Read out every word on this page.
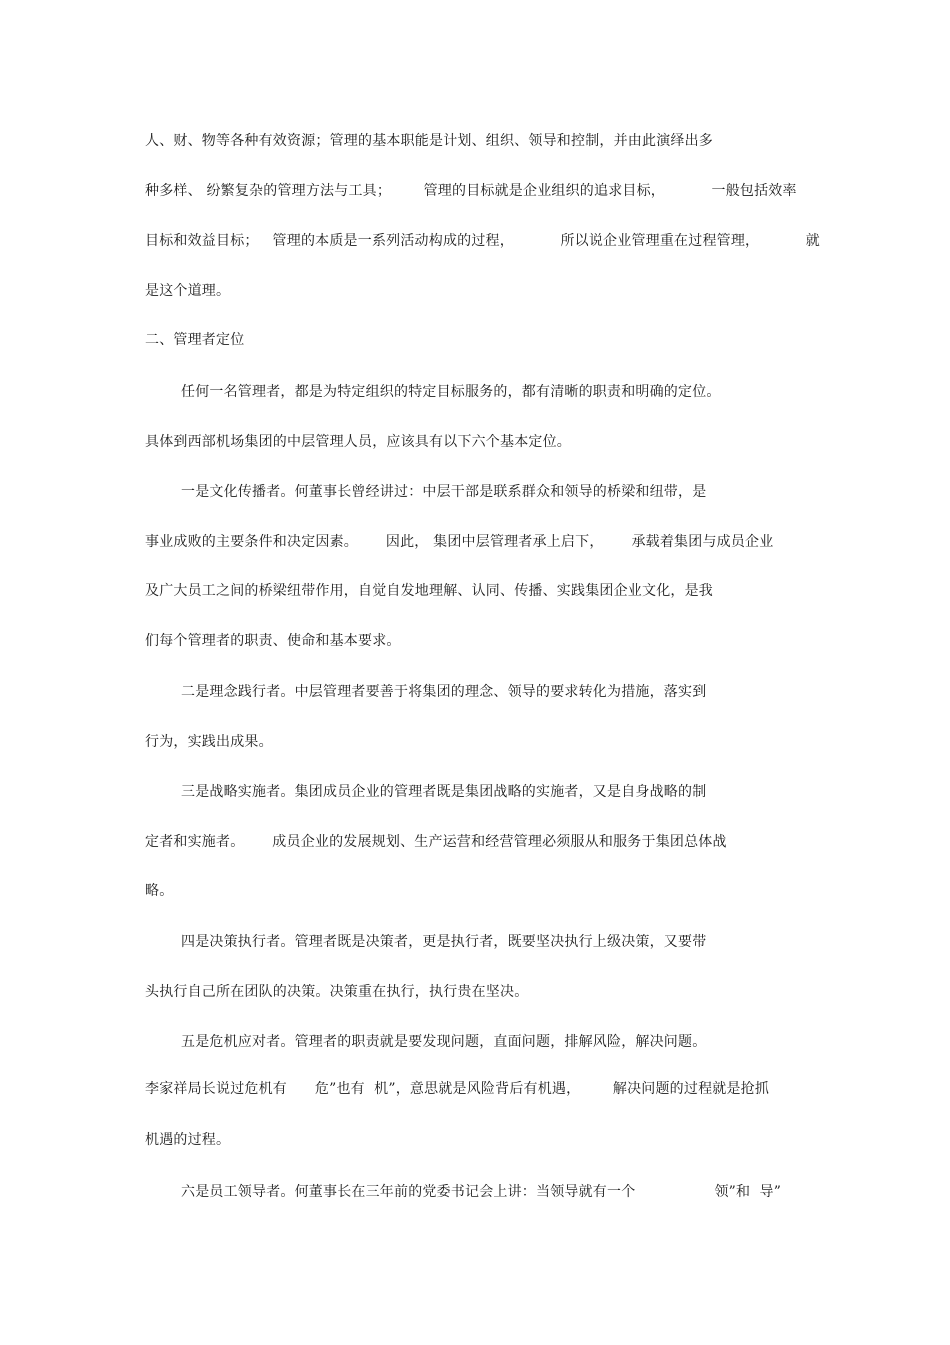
人、财、物等各种有效资源；管理的基本职能是计划、组织、领导和控制，并由此演绎出多
种多样、 纷繁复杂的管理方法与工具；       管理的目标就是企业组织的追求目标，          一般包括效率
目标和效益目标；   管理的本质是一系列活动构成的过程，          所以说企业管理重在过程管理，          就
是这个道理。
二、管理者定位
任何一名管理者，都是为特定组织的特定目标服务的，都有清晰的职责和明确的定位。
具体到西部机场集团的中层管理人员，应该具有以下六个基本定位。
一是文化传播者。何董事长曾经讲过：中层干部是联系群众和领导的桥梁和纽带，是
事业成败的主要条件和决定因素。      因此， 集团中层管理者承上启下，      承载着集团与成员企业
及广大员工之间的桥梁纽带作用，自觉自发地理解、认同、传播、实践集团企业文化，是我
们每个管理者的职责、使命和基本要求。
二是理念践行者。中层管理者要善于将集团的理念、领导的要求转化为措施，落实到
行为，实践出成果。
三是战略实施者。集团成员企业的管理者既是集团战略的实施者，又是自身战略的制
定者和实施者。      成员企业的发展规划、生产运营和经营管理必须服从和服务于集团总体战
略。
四是决策执行者。管理者既是决策者，更是执行者，既要坚决执行上级决策，又要带
头执行自己所在团队的决策。决策重在执行，执行贵在坚决。
五是危机应对者。管理者的职责就是要发现问题，直面问题，排解风险，解决问题。
李家祥局长说过危机有      危”也有  机”，意思就是风险背后有机遇，       解决问题的过程就是抢抓
机遇的过程。
六是员工领导者。何董事长在三年前的党委书记会上讲：当领导就有一个                 领”和  导”
